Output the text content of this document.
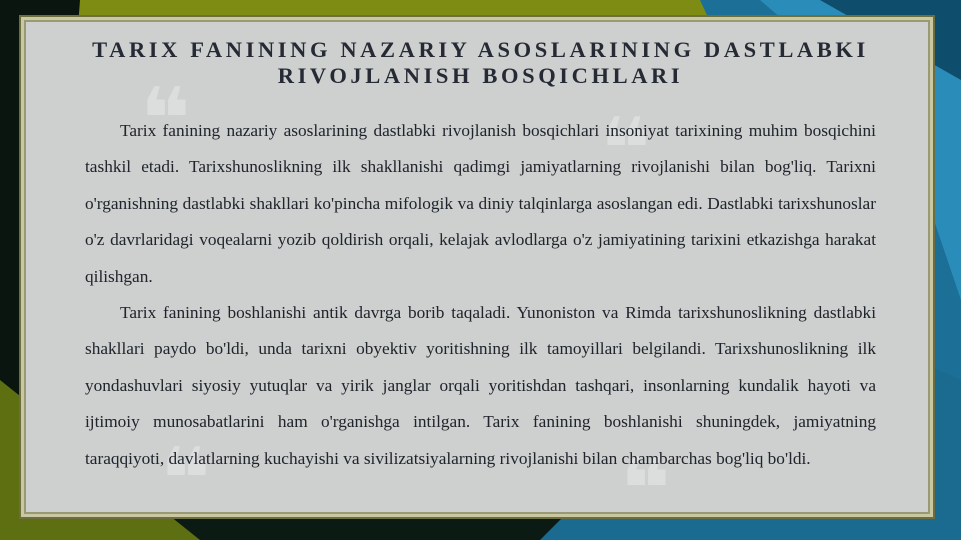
❝
❝
❝
❝
TARIX FANINING NAZARIY ASOSLARINING DASTLABKI
RIVOJLANISH BOSQICHLARI

Tarix fanining nazariy asoslarining dastlabki rivojlanish bosqichlari insoniyat tarixining muhim bosqichini tashkil etadi. Tarixshunoslikning ilk shakllanishi qadimgi jamiyatlarning rivojlanishi bilan bog'liq. Tarixni o'rganishning dastlabki shakllari ko'pincha mifologik va diniy talqinlarga asoslangan edi. Dastlabki tarixshunoslar o'z davrlaridagi voqealarni yozib qoldirish orqali, kelajak avlodlarga o'z jamiyatining tarixini etkazishga harakat qilishgan.

Tarix fanining boshlanishi antik davrga borib taqaladi. Yunoniston va Rimda tarixshunoslikning dastlabki shakllari paydo bo'ldi, unda tarixni obyektiv yoritishning ilk tamoyillari belgilandi. Tarixshunoslikning ilk yondashuvlari siyosiy yutuqlar va yirik janglar orqali yoritishdan tashqari, insonlarning kundalik hayoti va ijtimoiy munosabatlarini ham o'rganishga intilgan. Tarix fanining boshlanishi shuningdek, jamiyatning taraqqiyoti, davlatlarning kuchayishi va sivilizatsiyalarning rivojlanishi bilan chambarchas bog'liq bo'ldi.
